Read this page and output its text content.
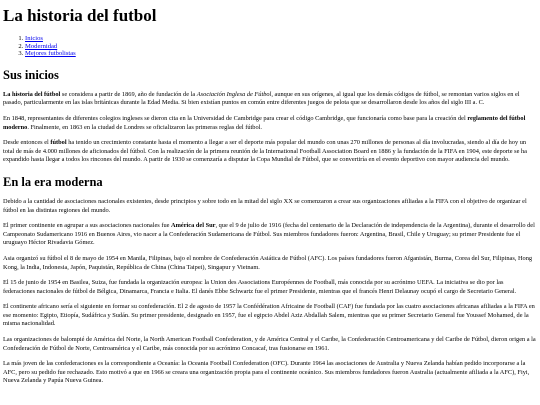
La historia del futbol
1. Inicios
2. Modernidad
3. Mejores futbolistas
Sus inicios

La historia del fútbol se considera a partir de 1869, año de fundación de la Asociación Inglesa de Fútbol, aunque en sus orígenes, al igual que los demás códigos de fútbol, se remontan varios siglos en el pasado, particularmente en las islas británicas durante la Edad Media. Si bien existían puntos en común entre diferentes juegos de pelota que se desarrollaron desde los años del siglo III a. C.

En 1848, representantes de diferentes colegios ingleses se dieron cita en la Universidad de Cambridge para crear el código Cambridge, que funcionaría como base para la creación del reglamento del fútbol moderno. Finalmente, en 1863 en la ciudad de Londres se oficializaron las primeras reglas del fútbol.

Desde entonces el fútbol ha tenido un crecimiento constante hasta el momento a llegar a ser el deporte más popular del mundo con unas 270 millones de personas al día involucradas, siendo al día de hoy un total de más de 4.000 millones de aficionados del fútbol. Con la realización de la primera reunión de la International Football Association Board en 1886 y la fundación de la FIFA en 1904, este deporte se ha expandido hasta llegar a todos los rincones del mundo. A partir de 1930 se comenzaría a disputar la Copa Mundial de Fútbol, que se convertiría en el evento deportivo con mayor audiencia del mundo.

En la era moderna

Debido a la cantidad de asociaciones nacionales existentes, desde principios y sobre todo en la mitad del siglo XX se comenzaron a crear sus organizaciones afiliadas a la FIFA con el objetivo de organizar el fútbol en las distintas regiones del mundo.

El primer continente en agrupar a sus asociaciones nacionales fue América del Sur, que el 9 de julio de 1916 (fecha del centenario de la Declaración de independencia de la Argentina), durante el desarrollo del Campeonato Sudamericano 1916 en Buenos Aires, vio nacer a la Confederación Sudamericana de Fútbol. Sus miembros fundadores fueron: Argentina, Brasil, Chile y Uruguay; su primer Presidente fue el uruguayo Héctor Rivadavia Gómez.

Asia organizó su fútbol el 8 de mayo de 1954 en Manila, Filipinas, bajo el nombre de Confederación Asiática de Fútbol (AFC). Los países fundadores fueron Afganistán, Burma, Corea del Sur, Filipinas, Hong Kong, la India, Indonesia, Japón, Paquistán, República de China (China Taipei), Singapur y Vietnam.

El 15 de junio de 1954 en Basilea, Suiza, fue fundada la organización europea: la Union des Associations Européennes de Football, más conocida por su acrónimo UEFA. La iniciativa se dio por las federaciones nacionales de fútbol de Bélgica, Dinamarca, Francia e Italia. El danés Ebbe Schwartz fue el primer Presidente, mientras que el francés Henri Delaunay ocupó el cargo de Secretario General.

El continente africano sería el siguiente en formar su confederación. El 2 de agosto de 1957 la Confédération Africaine de Football (CAF) fue fundada por las cuatro asociaciones africanas afiliadas a la FIFA en ese momento: Egipto, Etiopía, Sudáfrica y Sudán. Su primer presidente, designado en 1957, fue el egipcio Abdel Aziz Abdallah Salem, mientras que su primer Secretario General fue Youssef Mohamed, de la misma nacionalidad.

Las organizaciones de balompié de América del Norte, la North American Football Confederation, y de América Central y el Caribe, la Confederación Centroamericana y del Caribe de Fútbol, dieron origen a la Confederación de Fútbol de Norte, Centroamérica y el Caribe, más conocida por su acrónimo Concacaf, tras fusionarse en 1961.

La más joven de las confederaciones es la correspondiente a Oceanía: la Oceania Football Confederation (OFC). Durante 1964 las asociaciones de Australia y Nueva Zelanda habían pedido incorporarse a la AFC, pero su pedido fue rechazado. Esto motivó a que en 1966 se creara una organización propia para el continente oceánico. Sus miembros fundadores fueron Australia (actualmente afiliada a la AFC), Fiyi, Nueva Zelanda y Papúa Nueva Guinea.
